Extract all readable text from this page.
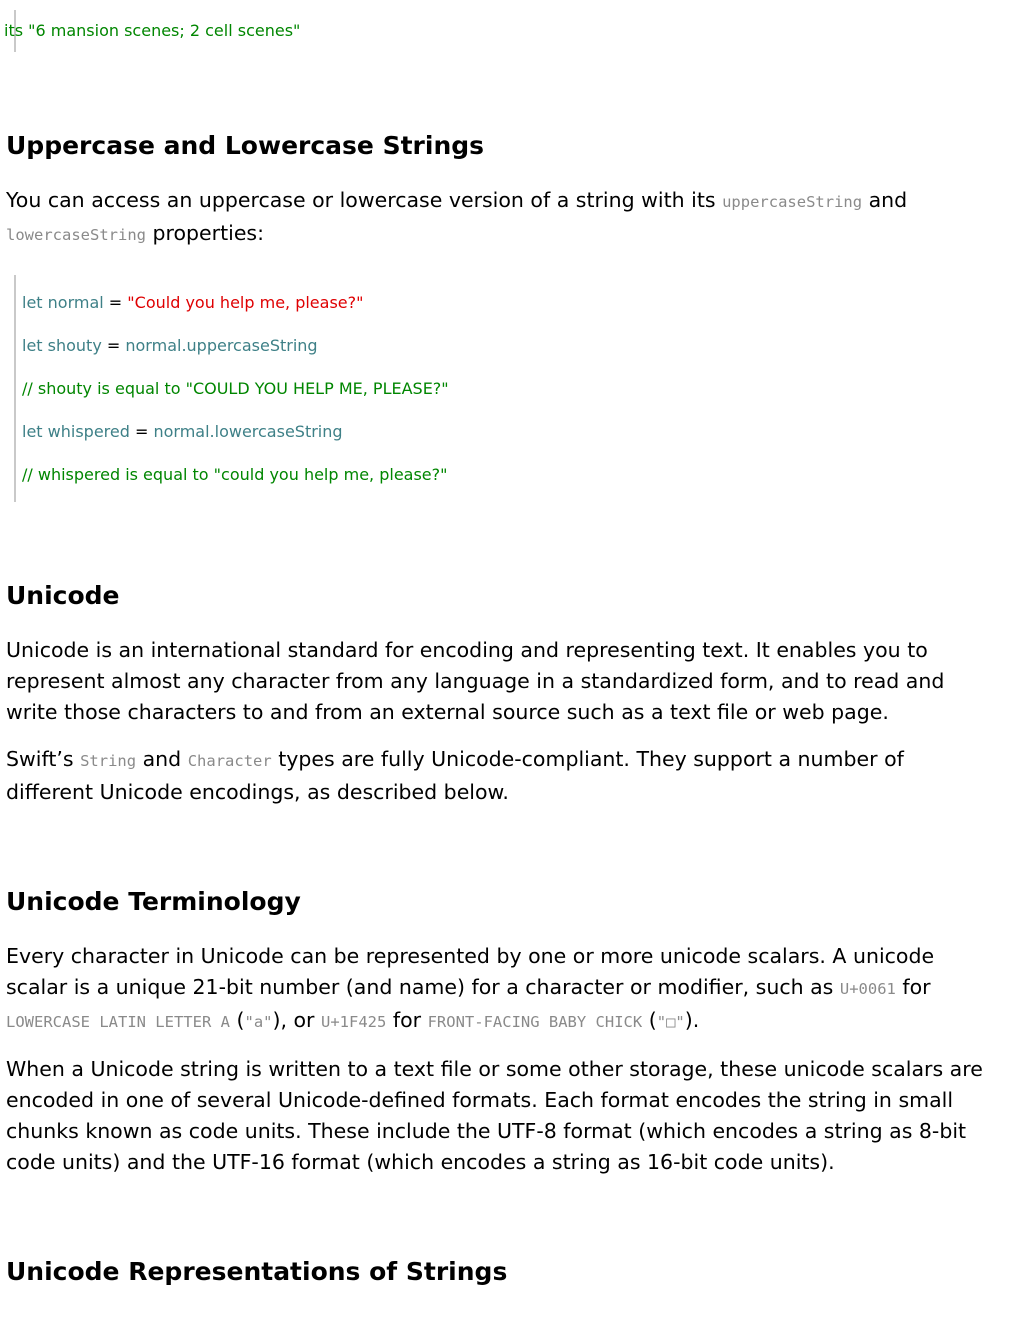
its "6 mansion scenes; 2 cell scenes"
Uppercase and Lowercase Strings

You can access an uppercase or lowercase version of a string with its uppercaseString and lowercaseString properties:

let normal = "Could you help me, please?"
let shouty = normal.uppercaseString
// shouty is equal to "COULD YOU HELP ME, PLEASE?"
let whispered = normal.lowercaseString
// whispered is equal to "could you help me, please?"
Unicode

Unicode is an international standard for encoding and representing text. It enables you to represent almost any character from any language in a standardized form, and to read and write those characters to and from an external source such as a text file or web page.

Swift’s String and Character types are fully Unicode-compliant. They support a number of different Unicode encodings, as described below.

Unicode Terminology

Every character in Unicode can be represented by one or more unicode scalars. A unicode scalar is a unique 21-bit number (and name) for a character or modifier, such as U+0061 for LOWERCASE LATIN LETTER A ("a"), or U+1F425 for FRONT-FACING BABY CHICK ("□").

When a Unicode string is written to a text file or some other storage, these unicode scalars are encoded in one of several Unicode-defined formats. Each format encodes the string in small chunks known as code units. These include the UTF-8 format (which encodes a string as 8-bit code units) and the UTF-16 format (which encodes a string as 16-bit code units).

Unicode Representations of Strings
